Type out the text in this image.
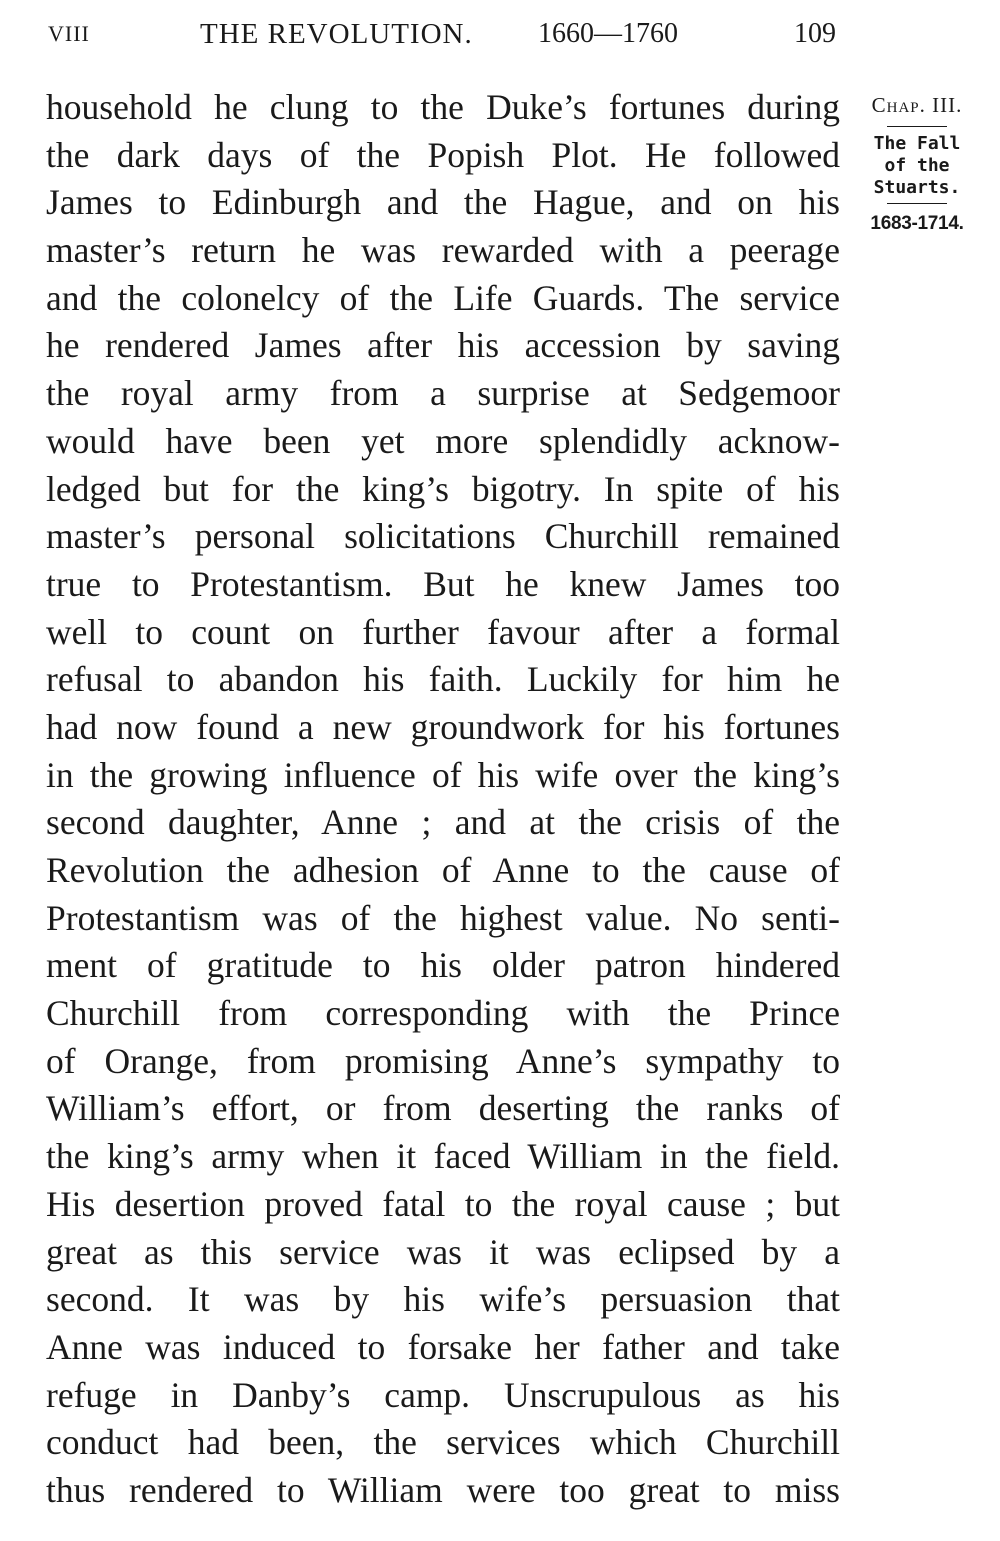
VIII	THE REVOLUTION. 1660—1760	109
household he clung to the Duke’s fortunes during
the dark days of the Popish Plot. He followed
James to Edinburgh and the Hague, and on his
master’s return he was rewarded with a peerage
and the colonelcy of the Life Guards. The service
he rendered James after his accession by saving
the royal army from a surprise at Sedgemoor
would have been yet more splendidly acknow-
ledged but for the king’s bigotry. In spite of his
master’s personal solicitations Churchill remained
true to Protestantism. But he knew James too
well to count on further favour after a formal
refusal to abandon his faith. Luckily for him he
had now found a new groundwork for his fortunes
in the growing influence of his wife over the king’s
second daughter, Anne ; and at the crisis of the
Revolution the adhesion of Anne to the cause of
Protestantism was of the highest value. No senti-
ment of gratitude to his older patron hindered
Churchill from corresponding with the Prince
of Orange, from promising Anne’s sympathy to
William’s effort, or from deserting the ranks of
the king’s army when it faced William in the field.
His desertion proved fatal to the royal cause ; but
great as this service was it was eclipsed by a
second. It was by his wife’s persuasion that
Anne was induced to forsake her father and take
refuge in Danby’s camp. Unscrupulous as his
conduct had been, the services which Churchill
thus rendered to William were too great to miss
Chap. III.
The Fall
of the
Stuarts.
1683-1714.
